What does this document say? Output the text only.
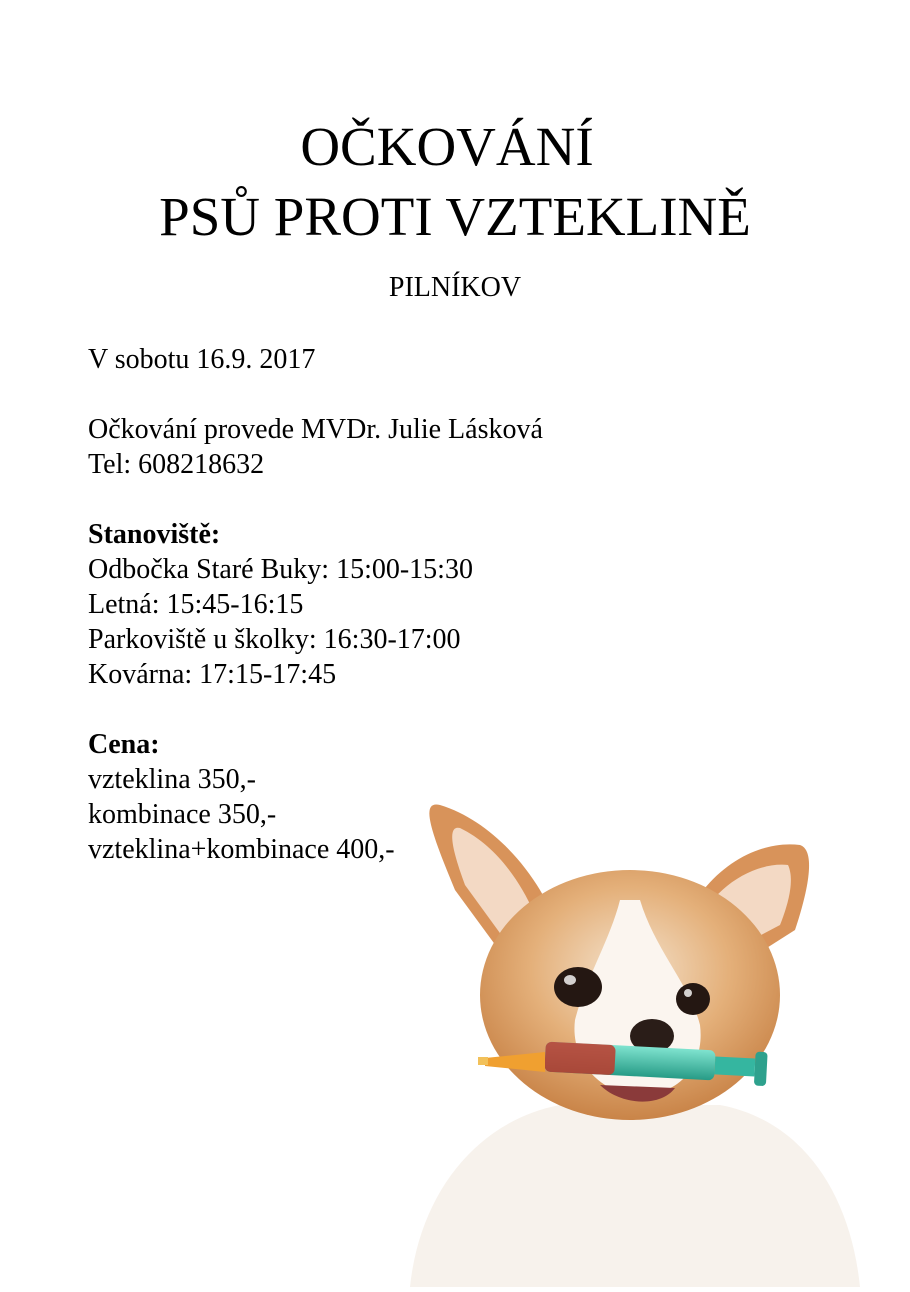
OČKOVÁNÍ
PSŮ PROTI VZTEKLINĚ
PILNÍKOV
V sobotu 16.9. 2017
Očkování provede MVDr. Julie Lásková
Tel: 608218632
Stanoviště:
Odbočka Staré Buky: 15:00-15:30
Letná: 15:45-16:15
Parkoviště u školky: 16:30-17:00
Kovárna: 17:15-17:45
Cena:
vzteklina 350,-
kombinace 350,-
vzteklina+kombinace 400,-
